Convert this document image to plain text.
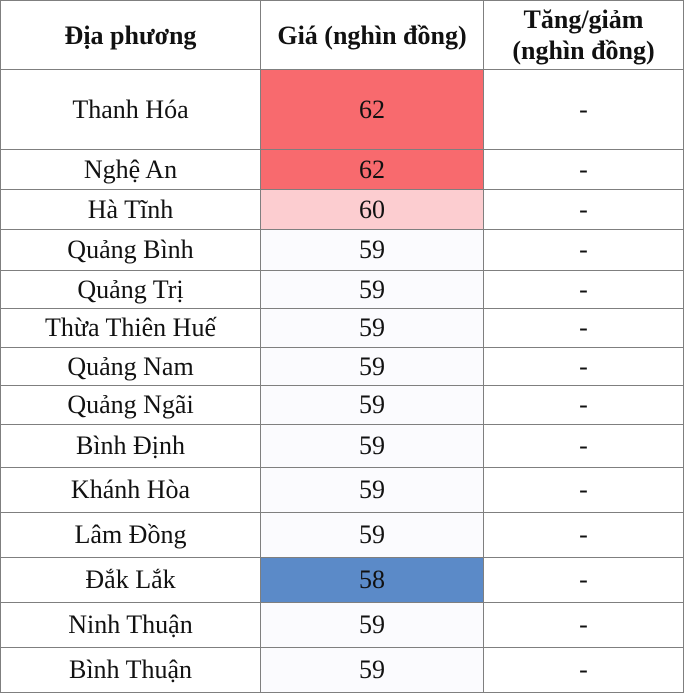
Địa phương	Giá (nghìn đồng)	Tăng/giảm
(nghìn đồng)
Thanh Hóa	62	-
Nghệ An	62	-
Hà Tĩnh	60	-
Quảng Bình	59	-
Quảng Trị	59	-
Thừa Thiên Huế	59	-
Quảng Nam	59	-
Quảng Ngãi	59	-
Bình Định	59	-
Khánh Hòa	59	-
Lâm Đồng	59	-
Đắk Lắk	58	-
Ninh Thuận	59	-
Bình Thuận	59	-
